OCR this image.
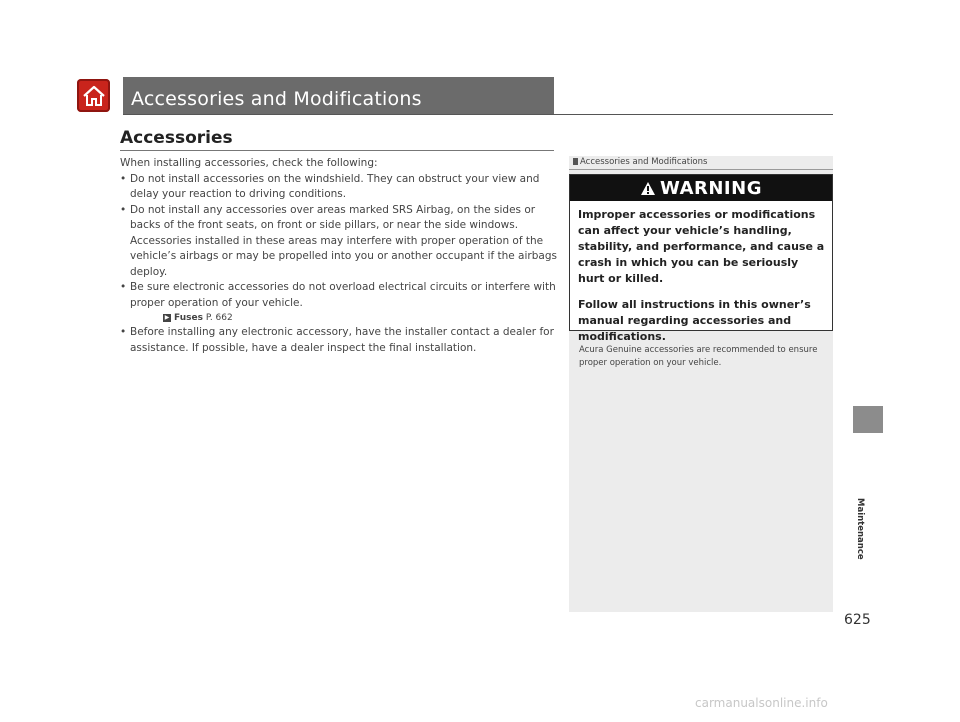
Accessories and Modifications
Accessories

When installing accessories, check the following:

• Do not install accessories on the windshield. They can obstruct your view and delay your reaction to driving conditions.

• Do not install any accessories over areas marked SRS Airbag, on the sides or backs of the front seats, on front or side pillars, or near the side windows. Accessories installed in these areas may interfere with proper operation of the vehicle’s airbags or may be propelled into you or another occupant if the airbags deploy.

• Be sure electronic accessories do not overload electrical circuits or interfere with proper operation of your vehicle.

▶ Fuses P. 662

• Before installing any electronic accessory, have the installer contact a dealer for assistance. If possible, have a dealer inspect the final installation.

Accessories and Modifications
WARNING

Improper accessories or modifications can affect your vehicle’s handling, stability, and performance, and cause a crash in which you can be seriously hurt or killed.

Follow all instructions in this owner’s manual regarding accessories and modifications.

Acura Genuine accessories are recommended to ensure proper operation on your vehicle.
Maintenance
625
carmanualsonline.info
